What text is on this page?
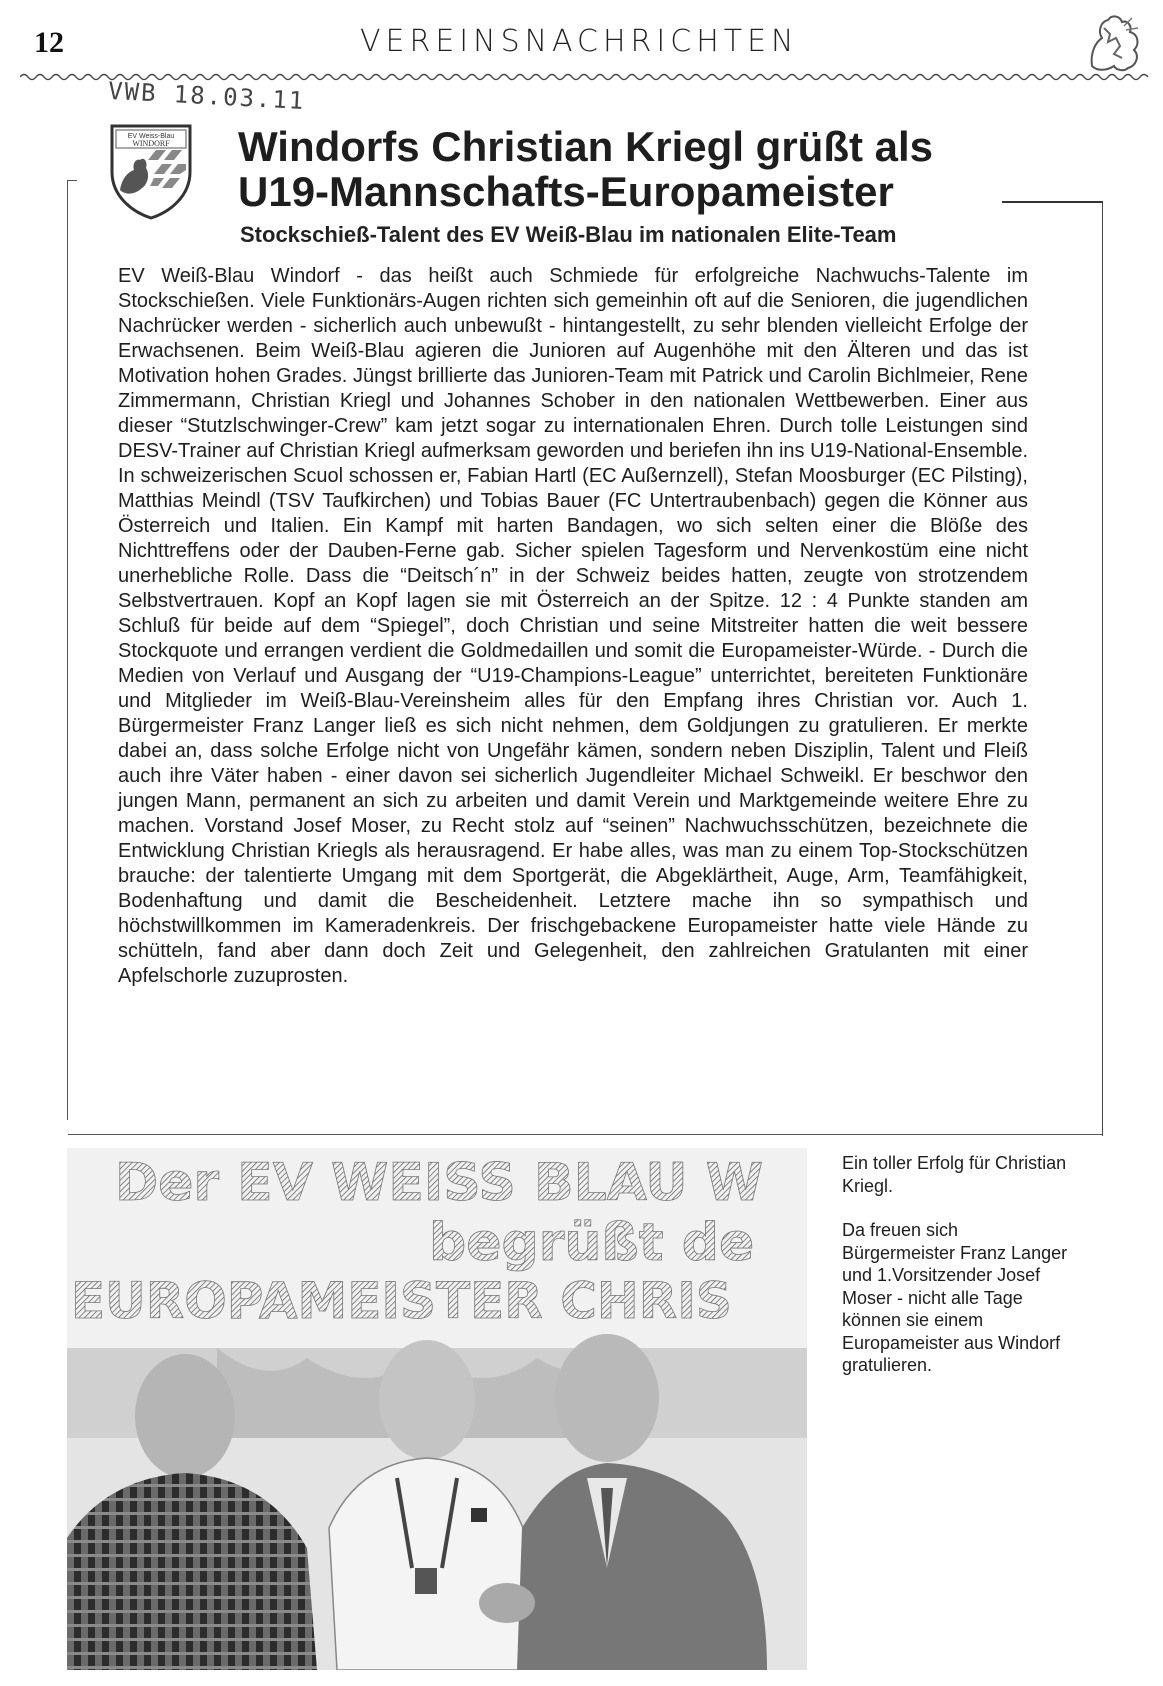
12	VEREINSNACHRICHTEN
VWB 18.03.11
EV Weiss-Blau
WINDORF Windorfs Christian Kriegl grüßt als
U19-Mannschafts-Europameister
Stockschieß-Talent des EV Weiß-Blau im nationalen Elite-Team

EV Weiß-Blau Windorf - das heißt auch Schmiede für erfolgreiche Nachwuchs-Talente im Stockschießen. Viele Funktionärs-Augen richten sich gemeinhin oft auf die Senioren, die jugendlichen Nachrücker werden - sicherlich auch unbewußt - hintangestellt, zu sehr blenden vielleicht Erfolge der Erwachsenen. Beim Weiß-Blau agieren die Junioren auf Augenhöhe mit den Älteren und das ist Motivation hohen Grades. Jüngst brillierte das Junioren-Team mit Patrick und Carolin Bichlmeier, Rene Zimmermann, Christian Kriegl und Johannes Schober in den nationalen Wettbewerben. Einer aus dieser “Stutzlschwinger-Crew” kam jetzt sogar zu internationalen Ehren. Durch tolle Leistungen sind DESV-Trainer auf Christian Kriegl aufmerksam geworden und beriefen ihn ins U19-National-Ensemble. In schweizerischen Scuol schossen er, Fabian Hartl (EC Außernzell), Stefan Moosburger (EC Pilsting), Matthias Meindl (TSV Taufkirchen) und Tobias Bauer (FC Untertraubenbach) gegen die Könner aus Österreich und Italien. Ein Kampf mit harten Bandagen, wo sich selten einer die Blöße des Nichttreffens oder der Dauben-Ferne gab. Sicher spielen Tagesform und Nervenkostüm eine nicht unerhebliche Rolle. Dass die “Deitsch´n” in der Schweiz beides hatten, zeugte von strotzendem Selbstvertrauen. Kopf an Kopf lagen sie mit Österreich an der Spitze. 12 : 4 Punkte standen am Schluß für beide auf dem “Spiegel”, doch Christian und seine Mitstreiter hatten die weit bessere Stockquote und errangen verdient die Goldmedaillen und somit die Europameister-Würde. - Durch die Medien von Verlauf und Ausgang der “U19-Champions-League” unterrichtet, bereiteten Funktionäre und Mitglieder im Weiß-Blau-Vereinsheim alles für den Empfang ihres Christian vor. Auch 1. Bürgermeister Franz Langer ließ es sich nicht nehmen, dem Goldjungen zu gratulieren. Er merkte dabei an, dass solche Erfolge nicht von Ungefähr kämen, sondern neben Disziplin, Talent und Fleiß auch ihre Väter haben - einer davon sei sicherlich Jugendleiter Michael Schweikl. Er beschwor den jungen Mann, permanent an sich zu arbeiten und damit Verein und Marktgemeinde weitere Ehre zu machen. Vorstand Josef Moser, zu Recht stolz auf “seinen” Nachwuchsschützen, bezeichnete die Entwicklung Christian Kriegls als herausragend. Er habe alles, was man zu einem Top-Stockschützen brauche: der talentierte Umgang mit dem Sportgerät, die Abgeklärtheit, Auge, Arm, Teamfähigkeit, Bodenhaftung und damit die Bescheidenheit. Letztere mache ihn so sympathisch und höchstwillkommen im Kameradenkreis. Der frischgebackene Europameister hatte viele Hände zu schütteln, fand aber dann doch Zeit und Gelegenheit, den zahlreichen Gratulanten mit einer Apfelschorle zuzuprosten.

Der EV WEISS BLAU W
begrüßt de
EUROPAMEISTER CHRIS

Ein toller Erfolg für Christian Kriegl.

Da freuen sich Bürgermeister Franz Langer und 1.Vorsitzender Josef Moser - nicht alle Tage können sie einem Europameister aus Windorf gratulieren.
